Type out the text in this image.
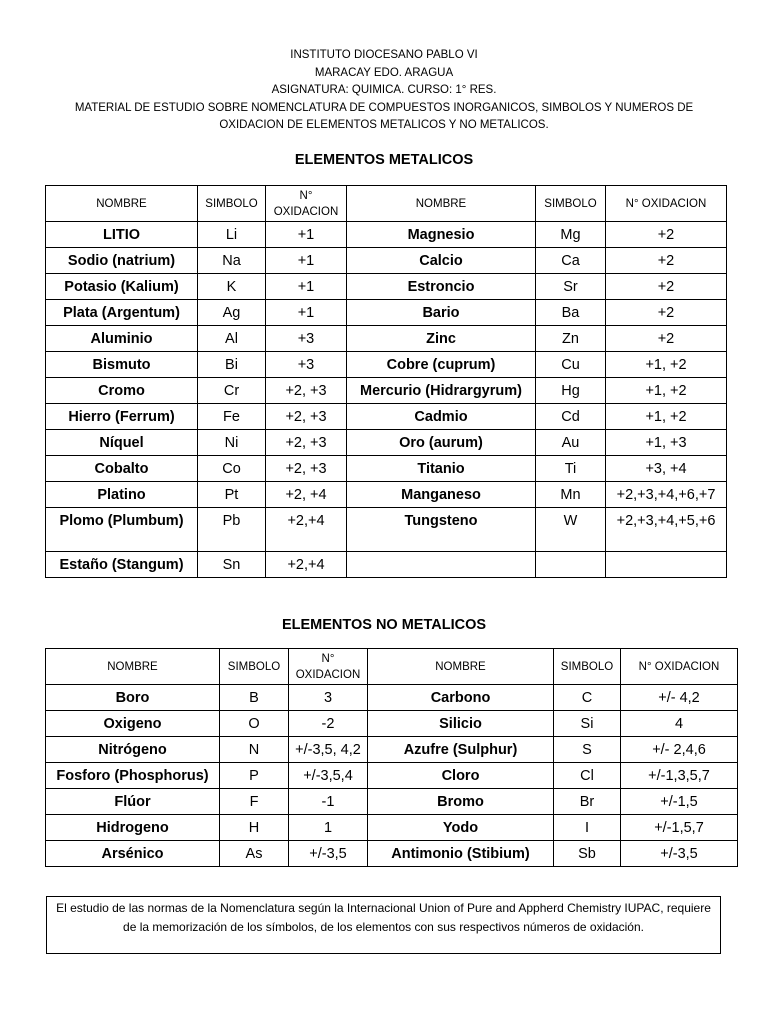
INSTITUTO DIOCESANO PABLO VI
MARACAY EDO. ARAGUA
ASIGNATURA: QUIMICA. CURSO: 1° RES.
MATERIAL DE ESTUDIO SOBRE NOMENCLATURA DE COMPUESTOS INORGANICOS, SIMBOLOS Y NUMEROS DE
OXIDACION DE ELEMENTOS METALICOS Y NO METALICOS.
ELEMENTOS METALICOS
NOMBRE	SIMBOLO	N° OXIDACION	NOMBRE	SIMBOLO	N° OXIDACION
LITIO	Li	+1	Magnesio	Mg	+2
Sodio (natrium)	Na	+1	Calcio	Ca	+2
Potasio (Kalium)	K	+1	Estroncio	Sr	+2
Plata (Argentum)	Ag	+1	Bario	Ba	+2
Aluminio	Al	+3	Zinc	Zn	+2
Bismuto	Bi	+3	Cobre (cuprum)	Cu	+1, +2
Cromo	Cr	+2, +3	Mercurio (Hidrargyrum)	Hg	+1, +2
Hierro (Ferrum)	Fe	+2, +3	Cadmio	Cd	+1, +2
Níquel	Ni	+2, +3	Oro (aurum)	Au	+1, +3
Cobalto	Co	+2, +3	Titanio	Ti	+3, +4
Platino	Pt	+2, +4	Manganeso	Mn	+2,+3,+4,+6,+7
Plomo (Plumbum)	Pb	+2,+4	Tungsteno	W	+2,+3,+4,+5,+6
Estaño (Stangum)	Sn	+2,+4			
ELEMENTOS NO METALICOS
NOMBRE	SIMBOLO	N° OXIDACION	NOMBRE	SIMBOLO	N° OXIDACION
Boro	B	3	Carbono	C	+/- 4,2
Oxigeno	O	-2	Silicio	Si	4
Nitrógeno	N	+/-3,5, 4,2	Azufre (Sulphur)	S	+/- 2,4,6
Fosforo (Phosphorus)	P	+/-3,5,4	Cloro	Cl	+/-1,3,5,7
Flúor	F	-1	Bromo	Br	+/-1,5
Hidrogeno	H	1	Yodo	I	+/-1,5,7
Arsénico	As	+/-3,5	Antimonio (Stibium)	Sb	+/-3,5
El estudio de las normas de la Nomenclatura según la Internacional Union of Pure and Appherd Chemistry IUPAC, requiere de la memorización de los símbolos, de los elementos con sus respectivos números de oxidación.
